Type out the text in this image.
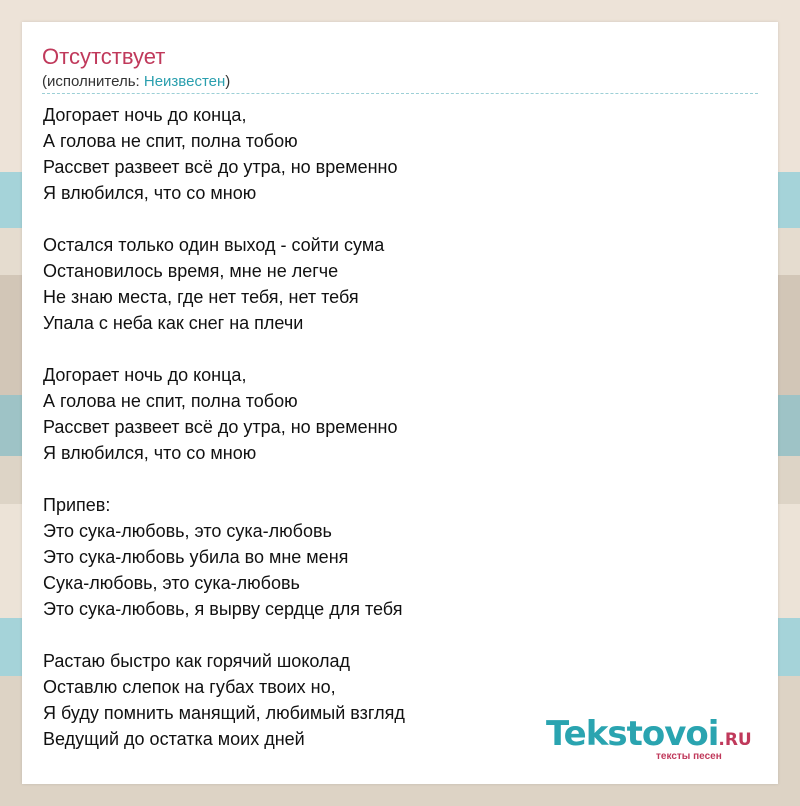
Отсутствует
(исполнитель: Неизвестен)
Догорает ночь до конца,
А голова не спит, полна тобою
Рассвет развеет всё до утра, но временно
Я влюбился, что со мною
Остался только один выход - сойти сума
Остановилось время, мне не легче
Не знаю места, где нет тебя, нет тебя
Упала с неба как снег на плечи
Догорает ночь до конца,
А голова не спит, полна тобою
Рассвет развеет всё до утра, но временно
Я влюбился, что со мною
Припев:
Это сука-любовь, это сука-любовь
Это сука-любовь убила во мне меня
Сука-любовь, это сука-любовь
Это сука-любовь, я вырву сердце для тебя
Растаю быстро как горячий шоколад
Оставлю слепок на губах твоих но,
Я буду помнить манящий, любимый взгляд
Ведущий до остатка моих дней	Tekstovoi.RU
тексты песен
